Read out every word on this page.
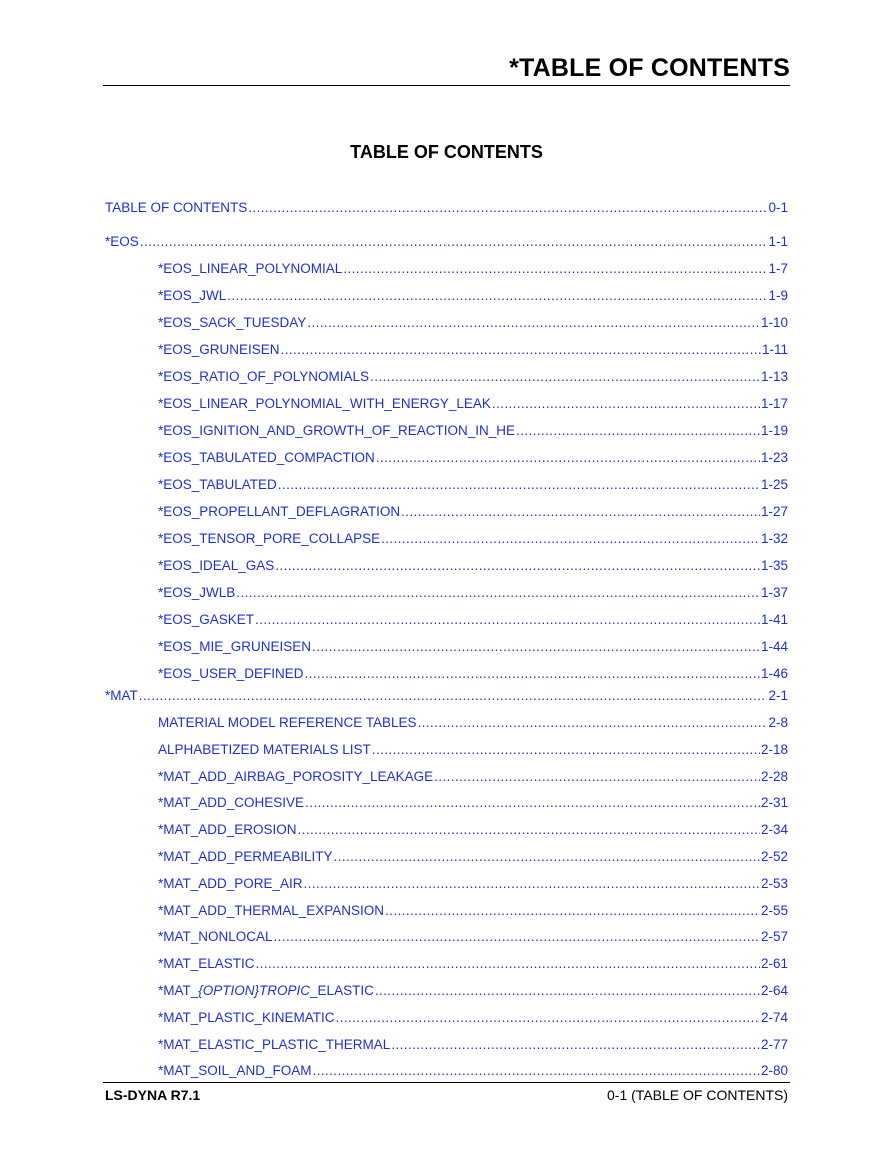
*TABLE OF CONTENTS
TABLE OF CONTENTS
TABLE OF CONTENTS .....	0-1
*EOS .....	1-1
*EOS_LINEAR_POLYNOMIAL .....	1-7
*EOS_JWL .....	1-9
*EOS_SACK_TUESDAY .....	1-10
*EOS_GRUNEISEN .....	1-11
*EOS_RATIO_OF_POLYNOMIALS .....	1-13
*EOS_LINEAR_POLYNOMIAL_WITH_ENERGY_LEAK .....	1-17
*EOS_IGNITION_AND_GROWTH_OF_REACTION_IN_HE .....	1-19
*EOS_TABULATED_COMPACTION .....	1-23
*EOS_TABULATED .....	1-25
*EOS_PROPELLANT_DEFLAGRATION .....	1-27
*EOS_TENSOR_PORE_COLLAPSE .....	1-32
*EOS_IDEAL_GAS .....	1-35
*EOS_JWLB .....	1-37
*EOS_GASKET .....	1-41
*EOS_MIE_GRUNEISEN .....	1-44
*EOS_USER_DEFINED .....	1-46
*MAT .....	2-1
MATERIAL MODEL REFERENCE TABLES .....	2-8
ALPHABETIZED MATERIALS LIST .....	2-18
*MAT_ADD_AIRBAG_POROSITY_LEAKAGE .....	2-28
*MAT_ADD_COHESIVE .....	2-31
*MAT_ADD_EROSION .....	2-34
*MAT_ADD_PERMEABILITY .....	2-52
*MAT_ADD_PORE_AIR .....	2-53
*MAT_ADD_THERMAL_EXPANSION .....	2-55
*MAT_NONLOCAL .....	2-57
*MAT_ELASTIC .....	2-61
*MAT_{OPTION}TROPIC_ELASTIC .....	2-64
*MAT_PLASTIC_KINEMATIC .....	2-74
*MAT_ELASTIC_PLASTIC_THERMAL .....	2-77
*MAT_SOIL_AND_FOAM .....	2-80
LS-DYNA R7.1	0-1 (TABLE OF CONTENTS)
